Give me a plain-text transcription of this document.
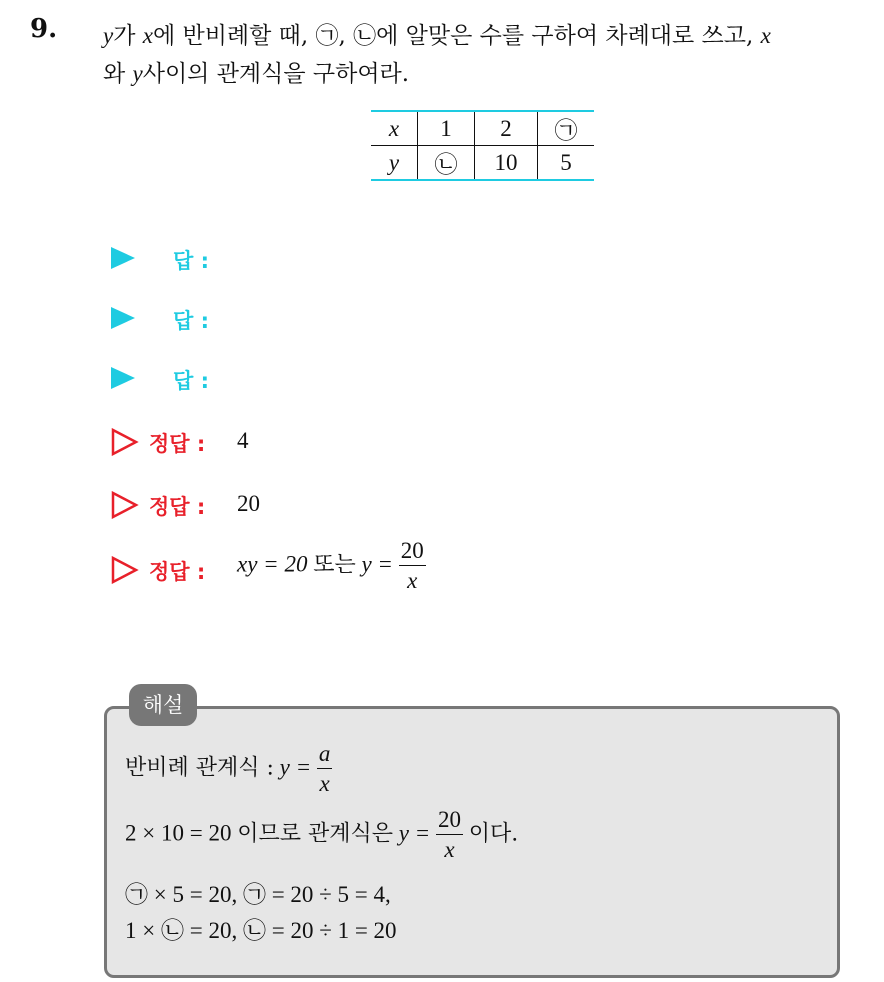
9. y가 x에 반비례할 때, ㉠, ㉡에 알맞은 수를 구하여 차례대로 쓰고, x
와 y사이의 관계식을 구하여라.
x	1	2	㉠
y	㉡	10	5
답 :
답 :
답 :
정답 : 4
정답 : 20
정답 : xy = 20 또는 $y = \frac{20}{x}$
해설
반비례 관계식 : $y = \frac{a}{x}$
2 × 10 = 20 이므로 관계식은 $y = \frac{20}{x}$ 이다.
㉠ × 5 = 20, ㉠ = 20 ÷ 5 = 4,
1 × ㉡ = 20, ㉡ = 20 ÷ 1 = 20
